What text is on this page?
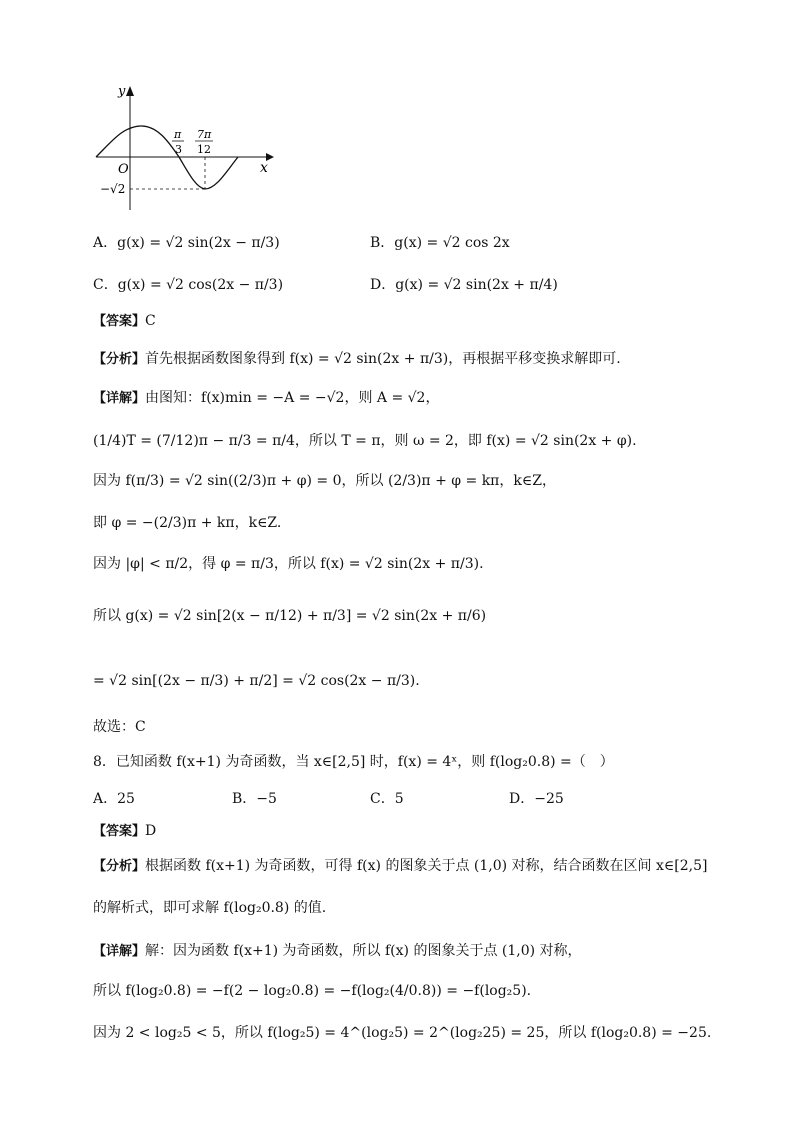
y
x
O
π
3
7π
12
−√2
A．g(x) = √2 sin(2x − π/3)	B．g(x) = √2 cos 2x
C．g(x) = √2 cos(2x − π/3)	D．g(x) = √2 sin(2x + π/4)
【答案】C
【分析】首先根据函数图象得到 f(x) = √2 sin(2x + π/3)，再根据平移变换求解即可.
【详解】由图知：f(x)min = −A = −√2，则 A = √2，
(1/4)T = (7/12)π − π/3 = π/4，所以 T = π，则 ω = 2，即 f(x) = √2 sin(2x + φ).
因为 f(π/3) = √2 sin((2/3)π + φ) = 0，所以 (2/3)π + φ = kπ，k∈Z，
即 φ = −(2/3)π + kπ，k∈Z.
因为 |φ| < π/2，得 φ = π/3，所以 f(x) = √2 sin(2x + π/3).
所以 g(x) = √2 sin[2(x − π/12) + π/3] = √2 sin(2x + π/6)
= √2 sin[(2x − π/3) + π/2] = √2 cos(2x − π/3).
故选：C
8．已知函数 f(x+1) 为奇函数，当 x∈[2,5] 时，f(x) = 4ˣ，则 f(log₂0.8) =（　）
A．25	B．−5	C．5	D．−25
【答案】D
【分析】根据函数 f(x+1) 为奇函数，可得 f(x) 的图象关于点 (1,0) 对称，结合函数在区间 x∈[2,5]
的解析式，即可求解 f(log₂0.8) 的值.
【详解】解：因为函数 f(x+1) 为奇函数，所以 f(x) 的图象关于点 (1,0) 对称，
所以 f(log₂0.8) = −f(2 − log₂0.8) = −f(log₂(4/0.8)) = −f(log₂5).
因为 2 < log₂5 < 5，所以 f(log₂5) = 4^(log₂5) = 2^(log₂25) = 25，所以 f(log₂0.8) = −25.
